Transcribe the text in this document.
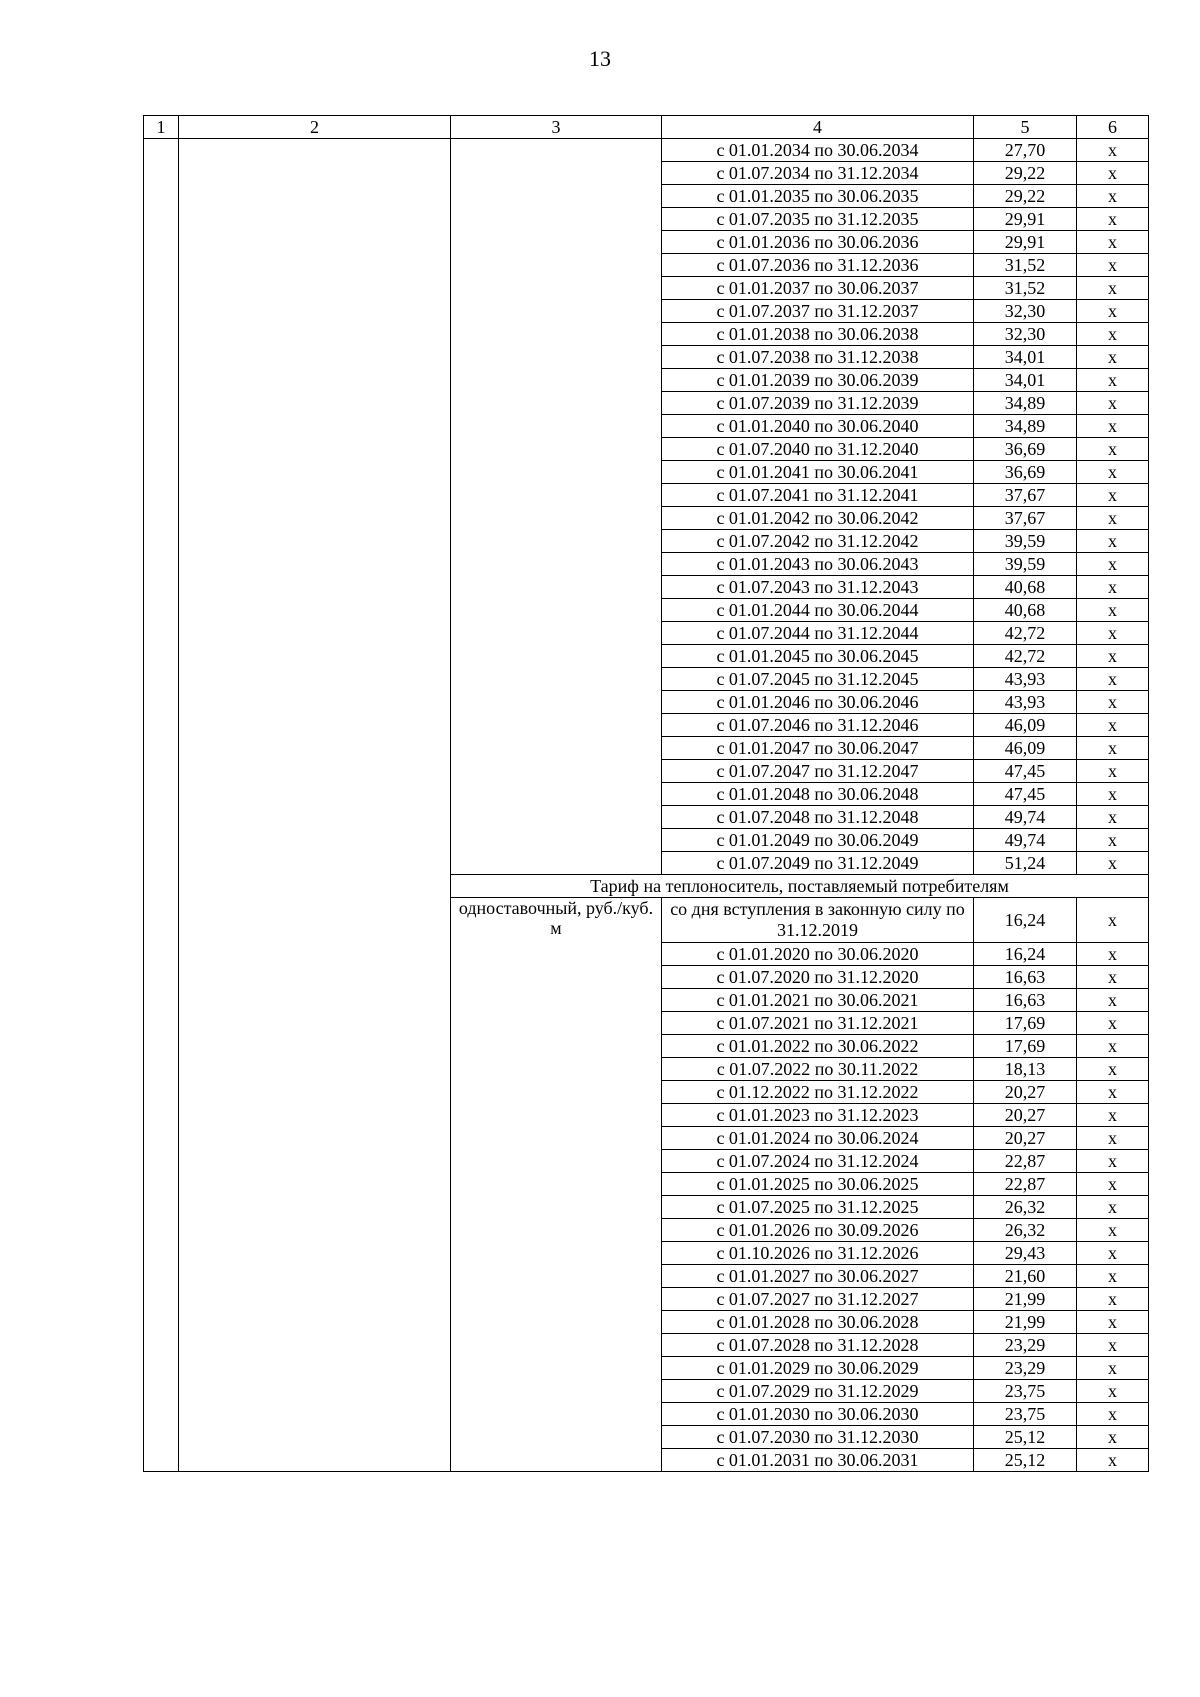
13
1	2	3	4	5	6
			с 01.01.2034 по 30.06.2034	27,70	х
			с 01.07.2034 по 31.12.2034	29,22	х
			с 01.01.2035 по 30.06.2035	29,22	х
			с 01.07.2035 по 31.12.2035	29,91	х
			с 01.01.2036 по 30.06.2036	29,91	х
			с 01.07.2036 по 31.12.2036	31,52	х
			с 01.01.2037 по 30.06.2037	31,52	х
			с 01.07.2037 по 31.12.2037	32,30	х
			с 01.01.2038 по 30.06.2038	32,30	х
			с 01.07.2038 по 31.12.2038	34,01	х
			с 01.01.2039 по 30.06.2039	34,01	х
			с 01.07.2039 по 31.12.2039	34,89	х
			с 01.01.2040 по 30.06.2040	34,89	х
			с 01.07.2040 по 31.12.2040	36,69	х
			с 01.01.2041 по 30.06.2041	36,69	х
			с 01.07.2041 по 31.12.2041	37,67	х
			с 01.01.2042 по 30.06.2042	37,67	х
			с 01.07.2042 по 31.12.2042	39,59	х
			с 01.01.2043 по 30.06.2043	39,59	х
			с 01.07.2043 по 31.12.2043	40,68	х
			с 01.01.2044 по 30.06.2044	40,68	х
			с 01.07.2044 по 31.12.2044	42,72	х
			с 01.01.2045 по 30.06.2045	42,72	х
			с 01.07.2045 по 31.12.2045	43,93	х
			с 01.01.2046 по 30.06.2046	43,93	х
			с 01.07.2046 по 31.12.2046	46,09	х
			с 01.01.2047 по 30.06.2047	46,09	х
			с 01.07.2047 по 31.12.2047	47,45	х
			с 01.01.2048 по 30.06.2048	47,45	х
			с 01.07.2048 по 31.12.2048	49,74	х
			с 01.01.2049 по 30.06.2049	49,74	х
			с 01.07.2049 по 31.12.2049	51,24	х
		Тариф на теплоноситель, поставляемый потребителям			
		одноставочный, руб./куб. м	со дня вступления в законную силу по 31.12.2019	16,24	х
			с 01.01.2020 по 30.06.2020	16,24	х
			с 01.07.2020 по 31.12.2020	16,63	х
			с 01.01.2021 по 30.06.2021	16,63	х
			с 01.07.2021 по 31.12.2021	17,69	х
			с 01.01.2022 по 30.06.2022	17,69	х
			с 01.07.2022 по 30.11.2022	18,13	х
			с 01.12.2022 по 31.12.2022	20,27	х
			с 01.01.2023 по 31.12.2023	20,27	х
			с 01.01.2024 по 30.06.2024	20,27	х
			с 01.07.2024 по 31.12.2024	22,87	х
			с 01.01.2025 по 30.06.2025	22,87	х
			с 01.07.2025 по 31.12.2025	26,32	х
			с 01.01.2026 по 30.09.2026	26,32	х
			с 01.10.2026 по 31.12.2026	29,43	х
			с 01.01.2027 по 30.06.2027	21,60	х
			с 01.07.2027 по 31.12.2027	21,99	х
			с 01.01.2028 по 30.06.2028	21,99	х
			с 01.07.2028 по 31.12.2028	23,29	х
			с 01.01.2029 по 30.06.2029	23,29	х
			с 01.07.2029 по 31.12.2029	23,75	х
			с 01.01.2030 по 30.06.2030	23,75	х
			с 01.07.2030 по 31.12.2030	25,12	х
			с 01.01.2031 по 30.06.2031	25,12	х
